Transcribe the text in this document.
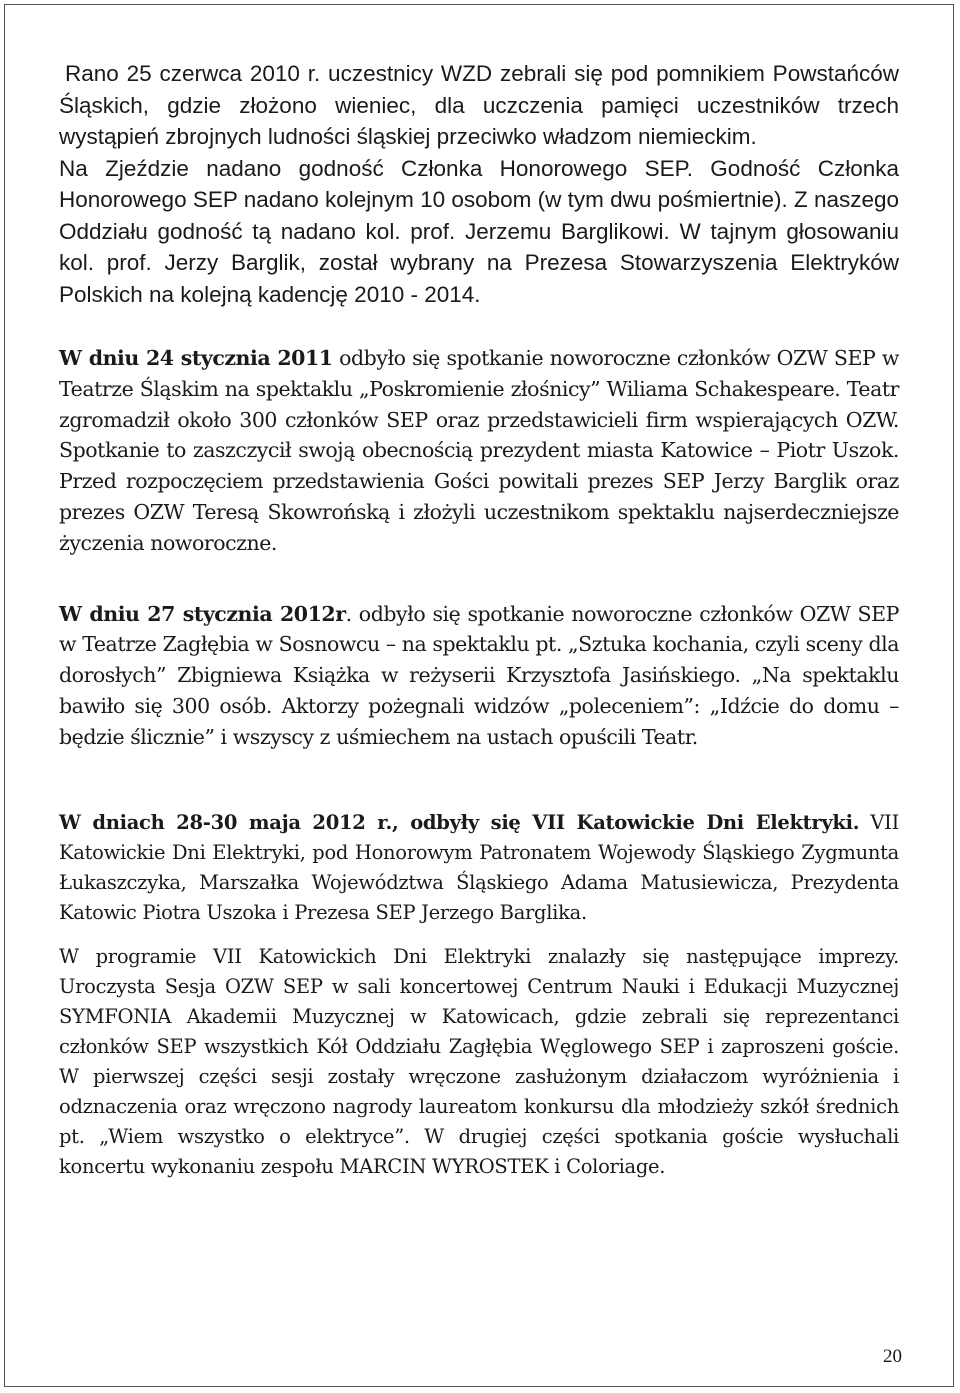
Rano 25 czerwca 2010 r. uczestnicy WZD zebrali się pod pomnikiem Powstańców Śląskich, gdzie złożono wieniec, dla uczczenia pamięci uczestników trzech wystąpień zbrojnych ludności śląskiej przeciwko władzom niemieckim.

Na Zjeździe nadano godność Członka Honorowego SEP. Godność Członka Honorowego SEP nadano kolejnym 10 osobom (w tym dwu pośmiertnie). Z naszego Oddziału godność tą nadano kol. prof. Jerzemu Barglikowi. W tajnym głosowaniu kol. prof. Jerzy Barglik, został wybrany na Prezesa Stowarzyszenia Elektryków Polskich na kolejną kadencję 2010 - 2014.

W dniu 24 stycznia 2011 odbyło się spotkanie noworoczne członków OZW SEP w Teatrze Śląskim na spektaklu „Poskromienie złośnicy” Wiliama Schakespeare. Teatr zgromadził około 300 członków SEP oraz przedstawicieli firm wspierających OZW. Spotkanie to zaszczycił swoją obecnością prezydent miasta Katowice – Piotr Uszok. Przed rozpoczęciem przedstawienia Gości powitali prezes SEP Jerzy Barglik oraz prezes OZW Teresą Skowrońską i złożyli uczestnikom spektaklu najserdeczniejsze życzenia noworoczne.

W dniu 27 stycznia 2012r. odbyło się spotkanie noworoczne członków OZW SEP w Teatrze Zagłębia w Sosnowcu – na spektaklu pt. „Sztuka kochania, czyli sceny dla dorosłych” Zbigniewa Książka w reżyserii Krzysztofa Jasińskiego. „Na spektaklu bawiło się 300 osób. Aktorzy pożegnali widzów „poleceniem”: „Idźcie do domu – będzie ślicznie” i wszyscy z uśmiechem na ustach opuścili Teatr.

W dniach 28-30 maja 2012 r., odbyły się VII Katowickie Dni Elektryki. VII Katowickie Dni Elektryki, pod Honorowym Patronatem Wojewody Śląskiego Zygmunta Łukaszczyka, Marszałka Województwa Śląskiego Adama Matusiewicza, Prezydenta Katowic Piotra Uszoka i Prezesa SEP Jerzego Barglika.

W programie VII Katowickich Dni Elektryki znalazły się następujące imprezy. Uroczysta Sesja OZW SEP w sali koncertowej Centrum Nauki i Edukacji Muzycznej SYMFONIA Akademii Muzycznej w Katowicach, gdzie zebrali się reprezentanci członków SEP wszystkich Kół Oddziału Zagłębia Węglowego SEP i zaproszeni goście. W pierwszej części sesji zostały wręczone zasłużonym działaczom wyróżnienia i odznaczenia oraz wręczono nagrody laureatom konkursu dla młodzieży szkół średnich pt. „Wiem wszystko o elektryce”. W drugiej części spotkania goście wysłuchali koncertu wykonaniu zespołu MARCIN WYROSTEK i Coloriage.

20
